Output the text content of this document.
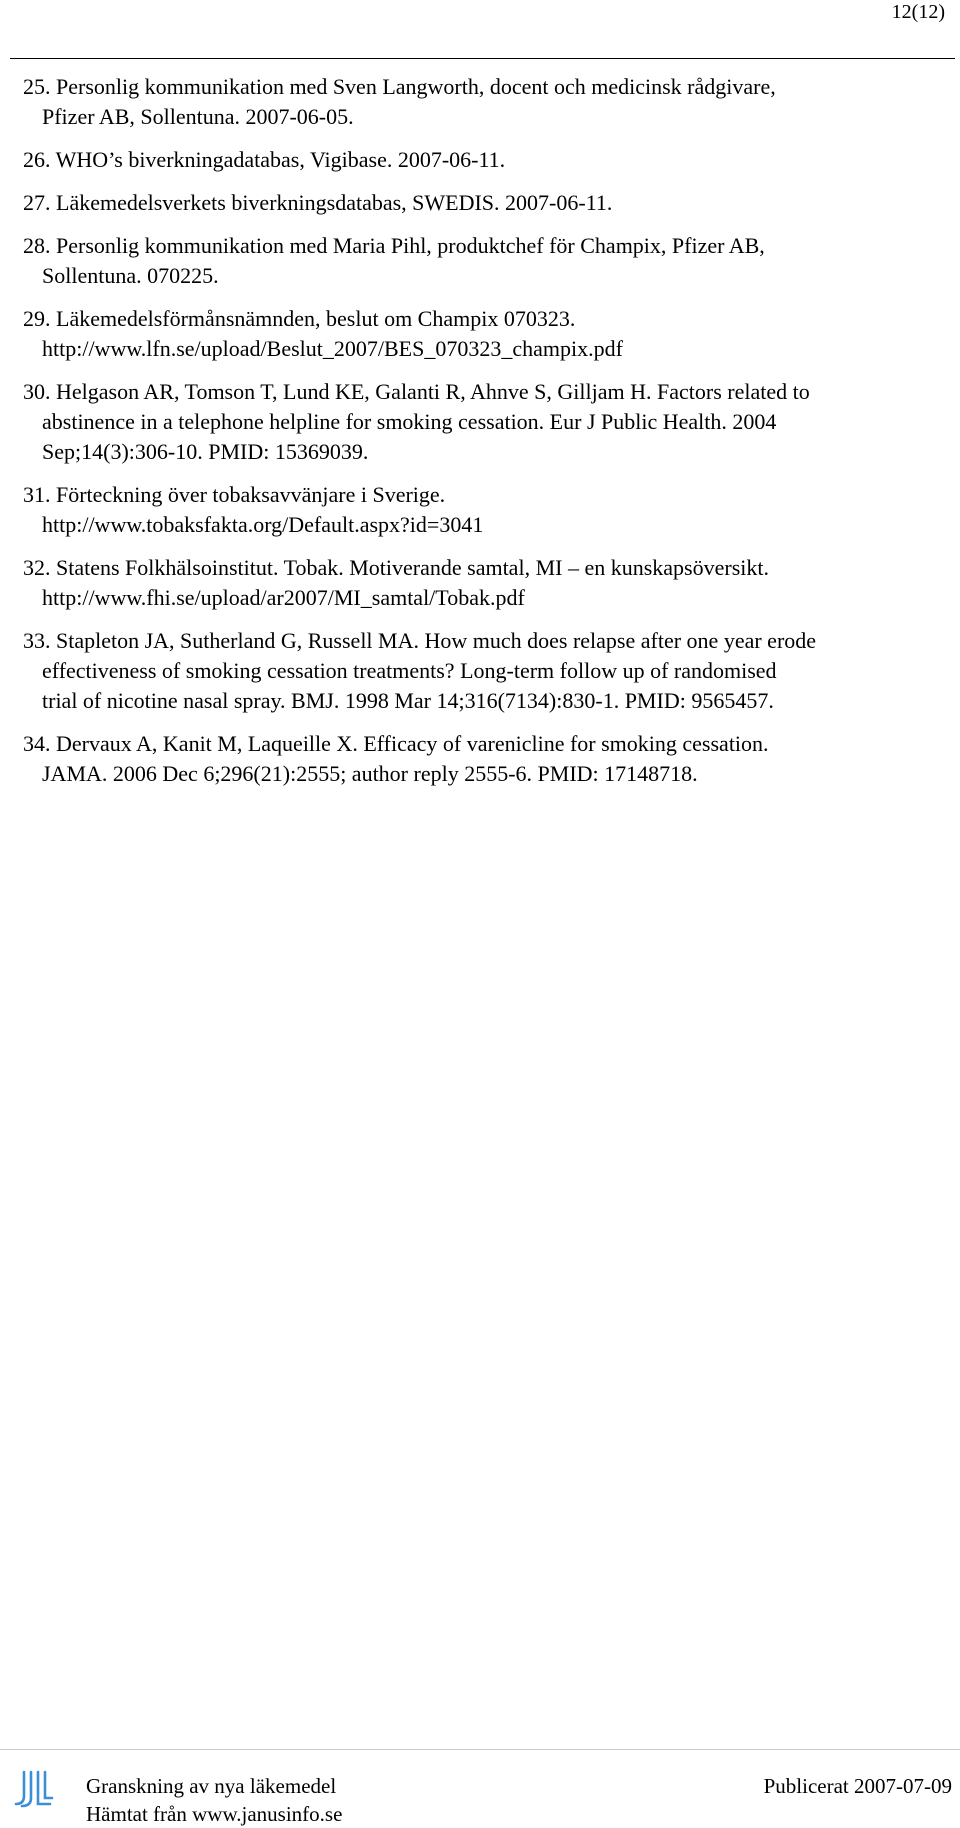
12(12)
25. Personlig kommunikation med Sven Langworth, docent och medicinsk rådgivare,
Pfizer AB, Sollentuna. 2007-06-05.
26. WHO’s biverkningadatabas, Vigibase. 2007-06-11.
27. Läkemedelsverkets biverkningsdatabas, SWEDIS. 2007-06-11.
28. Personlig kommunikation med Maria Pihl, produktchef för Champix, Pfizer AB,
Sollentuna. 070225.
29. Läkemedelsförmånsnämnden, beslut om Champix 070323.
http://www.lfn.se/upload/Beslut_2007/BES_070323_champix.pdf
30. Helgason AR, Tomson T, Lund KE, Galanti R, Ahnve S, Gilljam H. Factors related to
abstinence in a telephone helpline for smoking cessation. Eur J Public Health. 2004
Sep;14(3):306-10. PMID: 15369039.
31. Förteckning över tobaksavvänjare i Sverige.
http://www.tobaksfakta.org/Default.aspx?id=3041
32. Statens Folkhälsoinstitut. Tobak. Motiverande samtal, MI – en kunskapsöversikt.
http://www.fhi.se/upload/ar2007/MI_samtal/Tobak.pdf
33. Stapleton JA, Sutherland G, Russell MA. How much does relapse after one year erode
effectiveness of smoking cessation treatments? Long-term follow up of randomised
trial of nicotine nasal spray. BMJ. 1998 Mar 14;316(7134):830-1. PMID: 9565457.
34. Dervaux A, Kanit M, Laqueille X. Efficacy of varenicline for smoking cessation.
JAMA. 2006 Dec 6;296(21):2555; author reply 2555-6. PMID: 17148718.
Granskning av nya läkemedel
Hämtat från www.janusinfo.se
Publicerat 2007-07-09
